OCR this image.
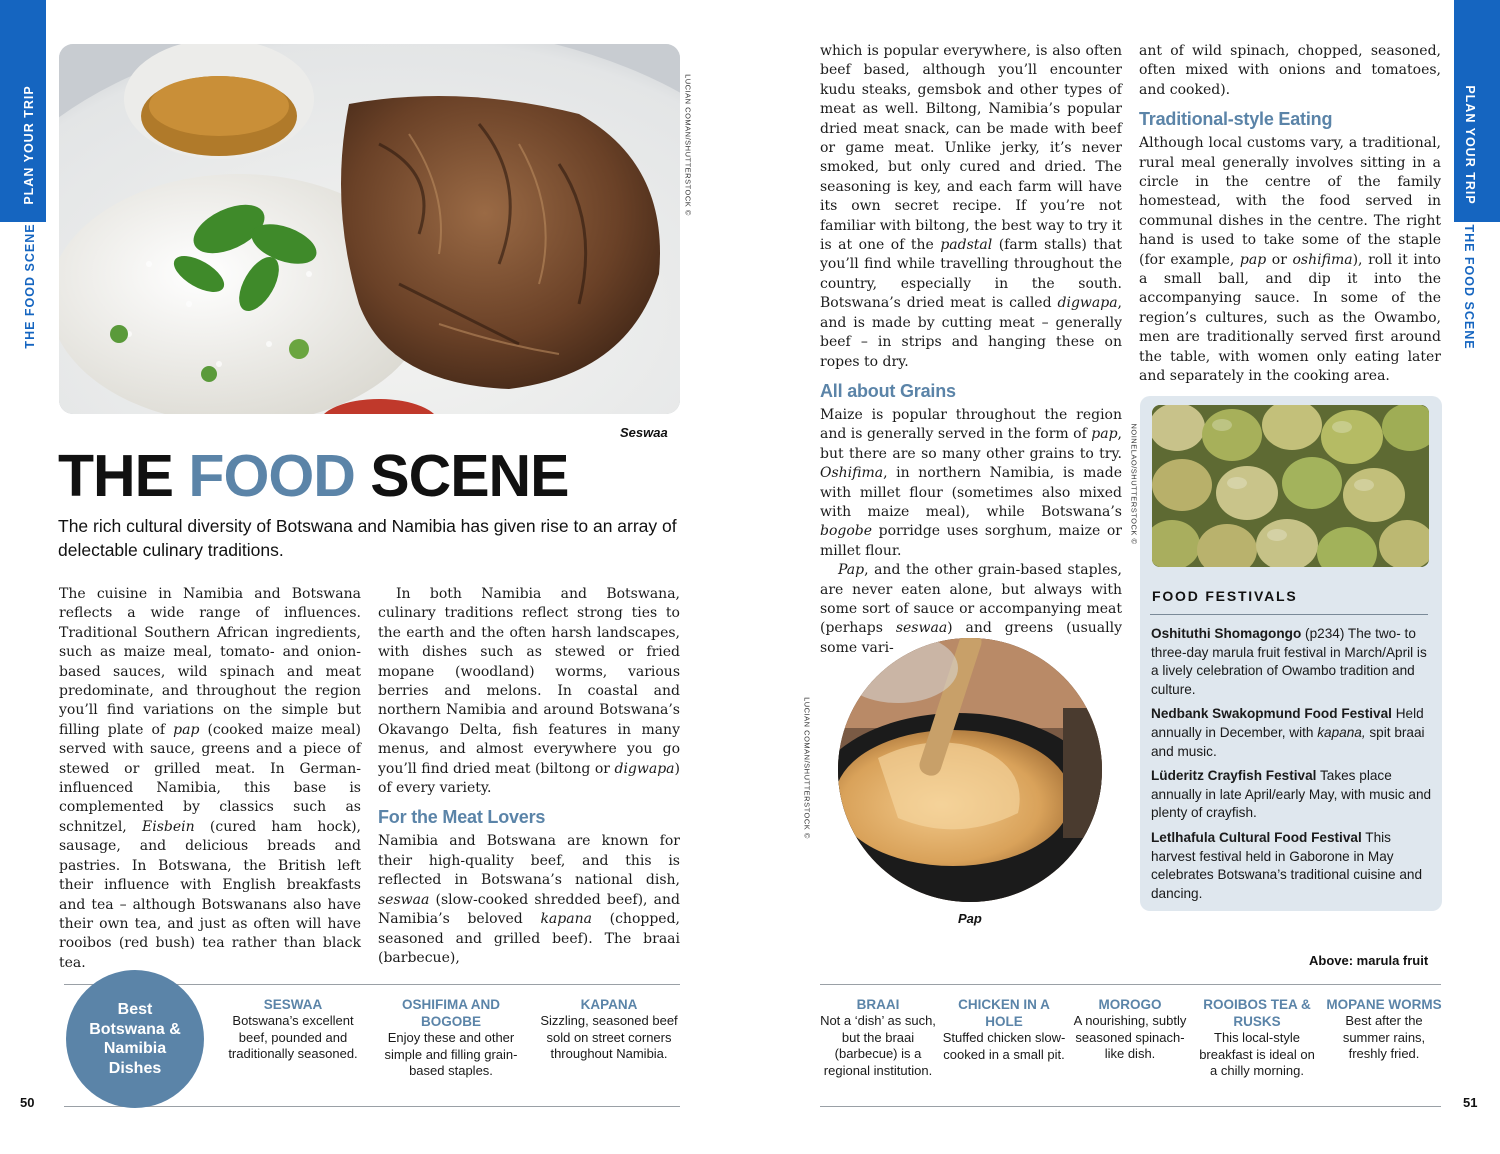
PLAN YOUR TRIP
THE FOOD SCENE
PLAN YOUR TRIP
THE FOOD SCENE
LUCIAN COMAN/SHUTTERSTOCK ©
Seswaa
THE FOOD SCENE
The rich cultural diversity of Botswana and Namibia has given rise to an array of delectable culinary traditions.

The cuisine in Namibia and Botswana reflects a wide range of influences. Traditional Southern African ingredients, such as maize meal, tomato- and onion-based sauces, wild spinach and meat predominate, and throughout the region you’ll find variations on the simple but filling plate of pap (cooked maize meal) served with sauce, greens and a piece of stewed or grilled meat. In German-influenced Namibia, this base is complemented by classics such as schnitzel, Eisbein (cured ham hock), sausage, and delicious breads and pastries. In Botswana, the British left their influence with English breakfasts and tea – although Botswanans also have their own tea, and just as often will have rooibos (red bush) tea rather than black tea.

In both Namibia and Botswana, culinary traditions reflect strong ties to the earth and the often harsh landscapes, with dishes such as stewed or fried mopane (woodland) worms, various berries and melons. In coastal and northern Namibia and around Botswana’s Okavango Delta, fish features in many menus, and almost everywhere you go you’ll find dried meat (biltong or digwapa) of every variety.

For the Meat Lovers

Namibia and Botswana are known for their high-quality beef, and this is reflected in Botswana’s national dish, seswaa (slow-cooked shredded beef), and Namibia’s beloved kapana (chopped, seasoned and grilled beef). The braai (barbecue),

which is popular everywhere, is also often beef based, although you’ll encounter kudu steaks, gemsbok and other types of meat as well. Biltong, Namibia’s popular dried meat snack, can be made with beef or game meat. Unlike jerky, it’s never smoked, but only cured and dried. The seasoning is key, and each farm will have its own secret recipe. If you’re not familiar with biltong, the best way to try it is at one of the padstal (farm stalls) that you’ll find while travelling throughout the country, especially in the south. Botswana’s dried meat is called digwapa, and is made by cutting meat – generally beef – in strips and hanging these on ropes to dry.

All about Grains

Maize is popular throughout the region and is generally served in the form of pap, but there are so many other grains to try. Oshifima, in northern Namibia, is made with millet flour (sometimes also mixed with maize meal), while Botswana’s bogobe porridge uses sorghum, maize or millet flour.

Pap, and the other grain-based staples, are never eaten alone, but always with some sort of sauce or accompanying meat (perhaps seswaa) and greens (usually some vari-

ant of wild spinach, chopped, seasoned, often mixed with onions and tomatoes, and cooked).

Traditional-style Eating

Although local customs vary, a traditional, rural meal generally involves sitting in a circle in the centre of the family homestead, with the food served in communal dishes in the centre. The right hand is used to take some of the staple (for example, pap or oshifima), roll it into a small ball, and dip it into the accompanying sauce. In some of the region’s cultures, such as the Owambo, men are traditionally served first around the table, with women only eating later and separately in the cooking area.

LUCIAN COMAN/SHUTTERSTOCK ©
Pap
NOINELAO/SHUTTERSTOCK ©
FOOD FESTIVALS
Oshituthi Shomagongo (p234) The two- to three-day marula fruit festival in March/April is a lively celebration of Owambo tradition and culture.
Nedbank Swakopmund Food Festival Held annually in December, with kapana, spit braai and music.
Lüderitz Crayfish Festival Takes place annually in late April/early May, with music and plenty of crayfish.
Letlhafula Cultural Food Festival This harvest festival held in Gaborone in May celebrates Botswana’s traditional cuisine and dancing.
Above: marula fruit
Best Botswana & Namibia Dishes
SESWAA
Botswana’s excellent beef, pounded and traditionally seasoned.
OSHIFIMA AND BOGOBE
Enjoy these and other simple and filling grain-based staples.
KAPANA
Sizzling, seasoned beef sold on street corners throughout Namibia.
BRAAI
Not a ‘dish’ as such, but the braai (barbecue) is a regional institution.
CHICKEN IN A HOLE
Stuffed chicken slow-cooked in a small pit.
MOROGO
A nourishing, subtly seasoned spinach-like dish.
ROOIBOS TEA & RUSKS
This local-style breakfast is ideal on a chilly morning.
MOPANE WORMS
Best after the summer rains, freshly fried.
50	51
